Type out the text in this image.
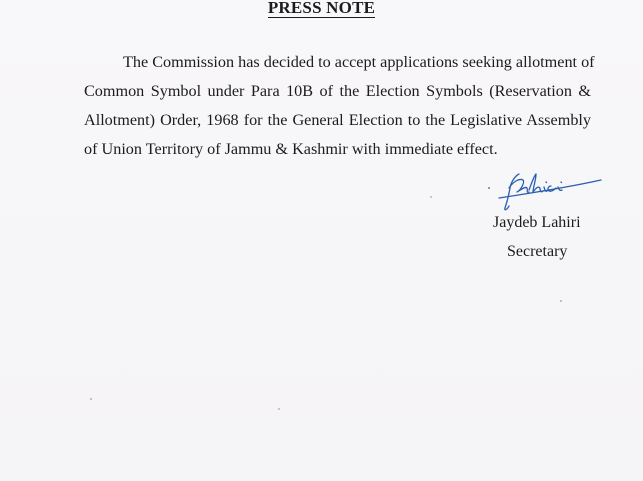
PRESS NOTE
The Commission has decided to accept applications seeking allotment of
Common Symbol under Para 10B of the Election Symbols (Reservation &
Allotment) Order, 1968 for the General Election to the Legislative Assembly
of Union Territory of Jammu & Kashmir with immediate effect.
Jaydeb Lahiri
Secretary
